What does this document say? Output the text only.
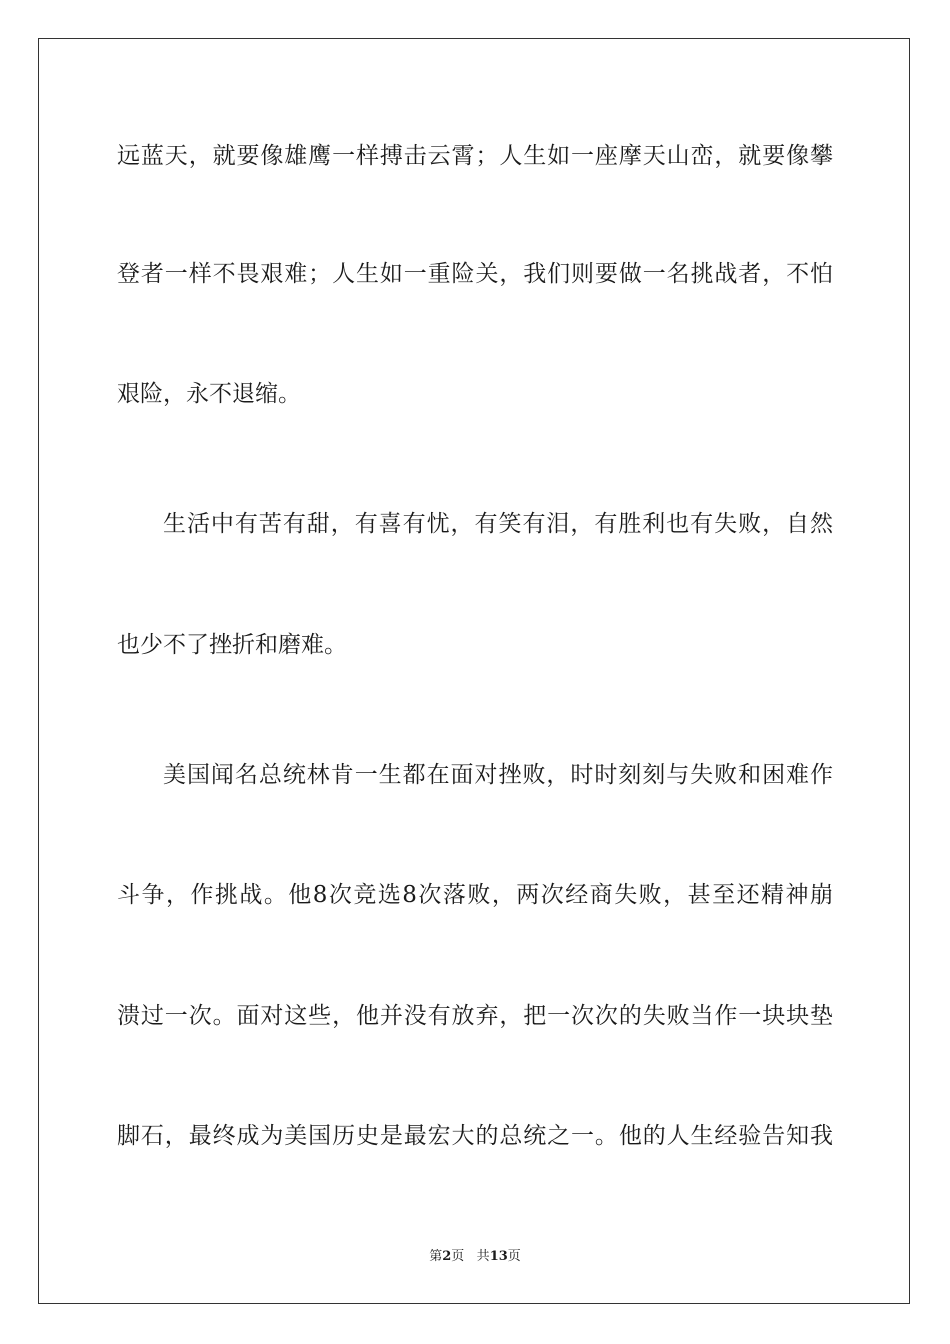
远蓝天，就要像雄鹰一样搏击云霄；人生如一座摩天山峦，就要像攀
登者一样不畏艰难；人生如一重险关，我们则要做一名挑战者，不怕
艰险，永不退缩。
生活中有苦有甜，有喜有忧，有笑有泪，有胜利也有失败，自然
也少不了挫折和磨难。
美国闻名总统林肯一生都在面对挫败，时时刻刻与失败和困难作
斗争，作挑战。他8次竞选8次落败，两次经商失败，甚至还精神崩
溃过一次。面对这些，他并没有放弃，把一次次的失败当作一块块垫
脚石，最终成为美国历史是最宏大的总统之一。他的人生经验告知我
第2页 共13页
